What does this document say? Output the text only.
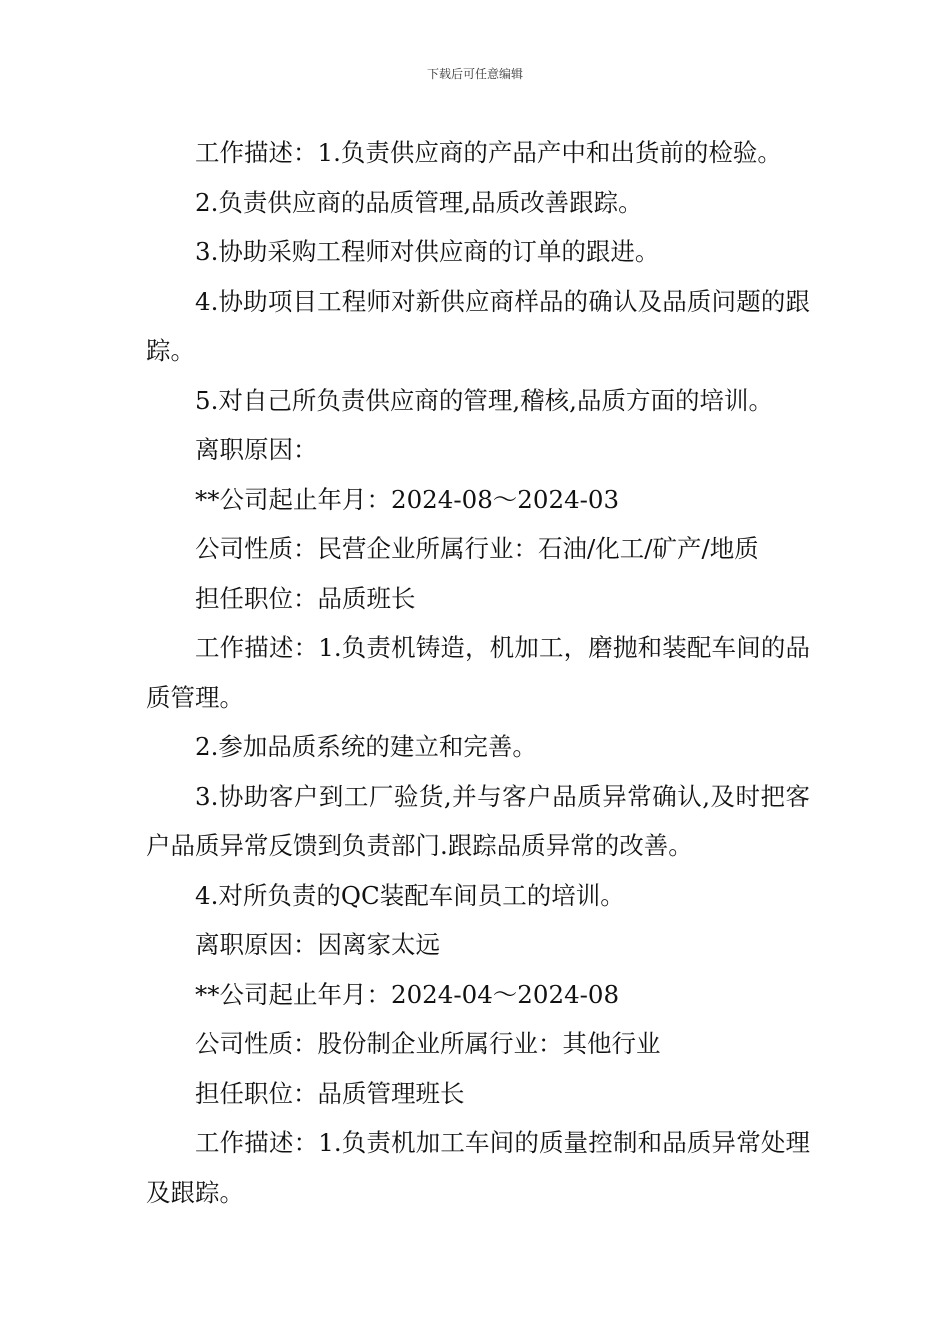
下载后可任意编辑

工作描述：1.负责供应商的产品产中和出货前的检验。

2.负责供应商的品质管理,品质改善跟踪。

3.协助采购工程师对供应商的订单的跟进。

4.协助项目工程师对新供应商样品的确认及品质问题的跟踪。

5.对自己所负责供应商的管理,稽核,品质方面的培训。

离职原因：

**公司起止年月：2024-08～2024-03

公司性质：民营企业所属行业：石油/化工/矿产/地质

担任职位：品质班长

工作描述：1.负责机铸造，机加工，磨抛和装配车间的品质管理。

2.参加品质系统的建立和完善。

3.协助客户到工厂验货,并与客户品质异常确认,及时把客户品质异常反馈到负责部门.跟踪品质异常的改善。

4.对所负责的QC装配车间员工的培训。

离职原因：因离家太远

**公司起止年月：2024-04～2024-08

公司性质：股份制企业所属行业：其他行业

担任职位：品质管理班长

工作描述：1.负责机加工车间的质量控制和品质异常处理及跟踪。
